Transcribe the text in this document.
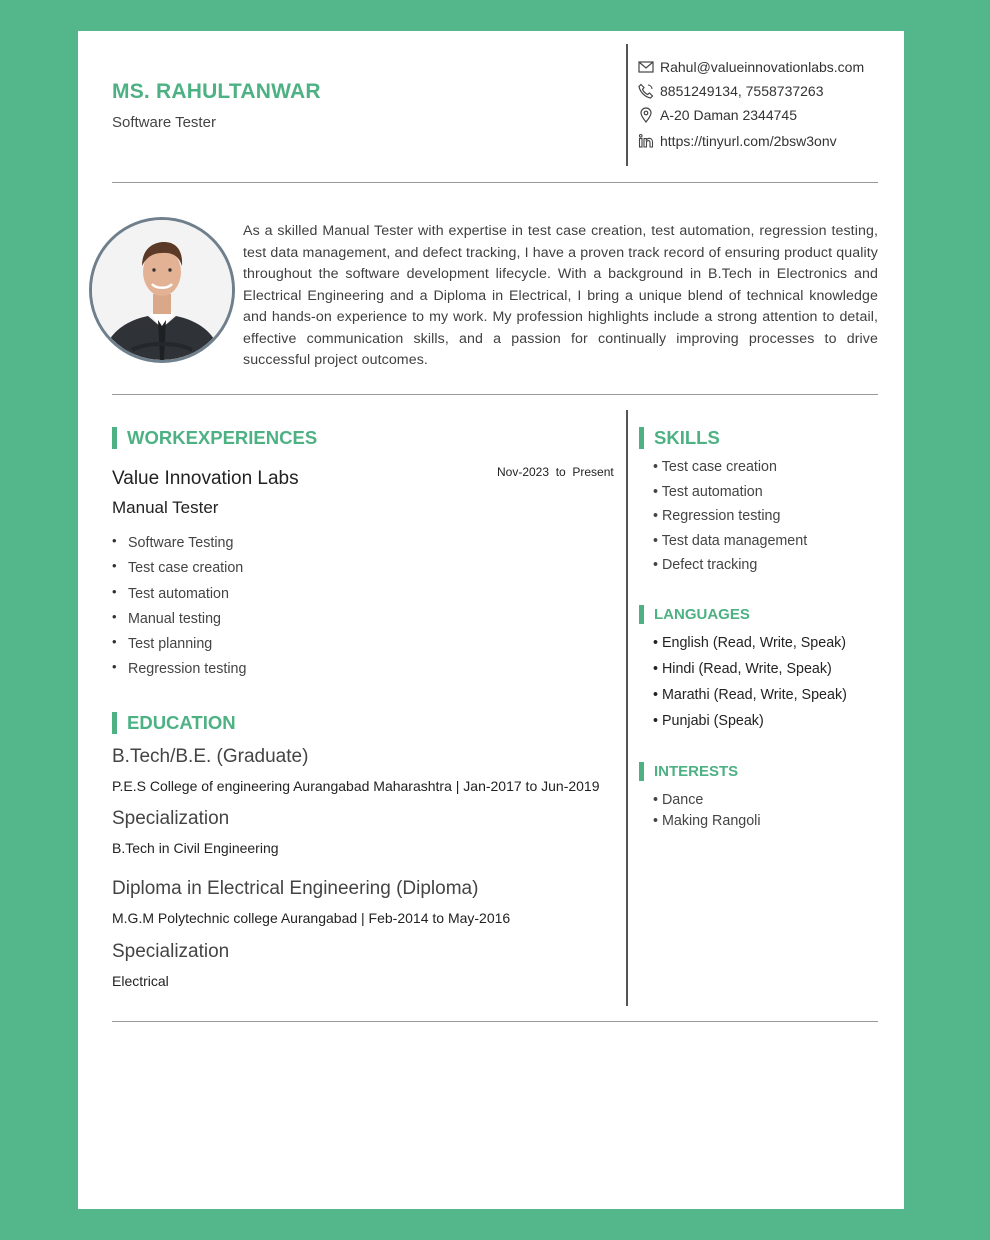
MS. RAHULTANWAR
Software Tester
Rahul@valueinnovationlabs.com
8851249134, 7558737263
A-20 Daman 2344745
https://tinyurl.com/2bsw3onv
As a skilled Manual Tester with expertise in test case creation, test automation, regression testing, test data management, and defect tracking, I have a proven track record of ensuring product quality throughout the software development lifecycle. With a background in B.Tech in Electronics and Electrical Engineering and a Diploma in Electrical, I bring a unique blend of technical knowledge and hands-on experience to my work. My profession highlights include a strong attention to detail, effective communication skills, and a passion for continually improving processes to drive successful project outcomes.
WORKEXPERIENCES
Value Innovation Labs	Nov-2023  to  Present
Manual Tester
• Software Testing
• Test case creation
• Test automation
• Manual testing
• Test planning
• Regression testing
EDUCATION
B.Tech/B.E. (Graduate)
P.E.S College of engineering Aurangabad Maharashtra | Jan-2017 to Jun-2019
Specialization
B.Tech in Civil Engineering
Diploma in Electrical Engineering (Diploma)
M.G.M Polytechnic college Aurangabad | Feb-2014 to May-2016
Specialization
Electrical
SKILLS
• Test case creation
• Test automation
• Regression testing
• Test data management
• Defect tracking
LANGUAGES
• English (Read, Write, Speak)
• Hindi (Read, Write, Speak)
• Marathi (Read, Write, Speak)
• Punjabi (Speak)
INTERESTS
• Dance
• Making Rangoli
